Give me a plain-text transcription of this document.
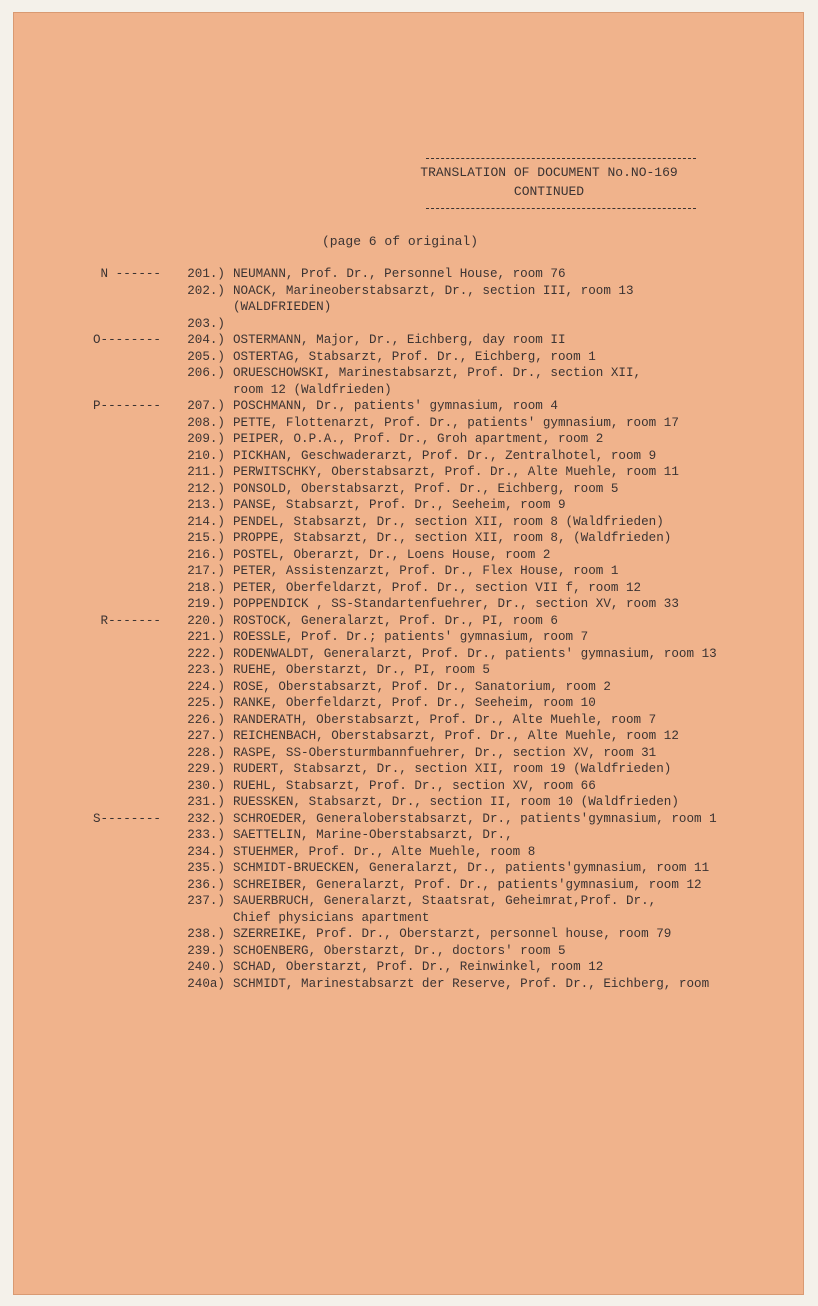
TRANSLATION OF DOCUMENT No.NO-169
CONTINUED
(page 6 of original)
N ------	201.) NEUMANN, Prof. Dr., Personnel House, room 76
202.) NOACK, Marineoberstabsarzt, Dr., section III, room 13
(WALDFRIEDEN)
203.)
O--------	204.) OSTERMANN, Major, Dr., Eichberg, day room II
205.) OSTERTAG, Stabsarzt, Prof. Dr., Eichberg, room 1
206.) ORUESCHOWSKI, Marinestabsarzt, Prof. Dr., section XII,
room 12 (Waldfrieden)
P--------	207.) POSCHMANN, Dr., patients' gymnasium, room 4
208.) PETTE, Flottenarzt, Prof. Dr., patients' gymnasium, room 17
209.) PEIPER, O.P.A., Prof. Dr., Groh apartment, room 2
210.) PICKHAN, Geschwaderarzt, Prof. Dr., Zentralhotel, room 9
211.) PERWITSCHKY, Oberstabsarzt, Prof. Dr., Alte Muehle, room 11
212.) PONSOLD, Oberstabsarzt, Prof. Dr., Eichberg, room 5
213.) PANSE, Stabsarzt, Prof. Dr., Seeheim, room 9
214.) PENDEL, Stabsarzt, Dr., section XII, room 8 (Waldfrieden)
215.) PROPPE, Stabsarzt, Dr., section XII, room 8, (Waldfrieden)
216.) POSTEL, Oberarzt, Dr., Loens House, room 2
217.) PETER, Assistenzarzt, Prof. Dr., Flex House, room 1
218.) PETER, Oberfeldarzt, Prof. Dr., section VII f, room 12
219.) POPPENDICK , SS-Standartenfuehrer, Dr., section XV, room 33
R-------	220.) ROSTOCK, Generalarzt, Prof. Dr., PI, room 6
221.) ROESSLE, Prof. Dr.; patients' gymnasium, room 7
222.) RODENWALDT, Generalarzt, Prof. Dr., patients' gymnasium, room 13
223.) RUEHE, Oberstarzt, Dr., PI, room 5
224.) ROSE, Oberstabsarzt, Prof. Dr., Sanatorium, room 2
225.) RANKE, Oberfeldarzt, Prof. Dr., Seeheim, room 10
226.) RANDERATH, Oberstabsarzt, Prof. Dr., Alte Muehle, room 7
227.) REICHENBACH, Oberstabsarzt, Prof. Dr., Alte Muehle, room 12
228.) RASPE, SS-Obersturmbannfuehrer, Dr., section XV, room 31
229.) RUDERT, Stabsarzt, Dr., section XII, room 19 (Waldfrieden)
230.) RUEHL, Stabsarzt, Prof. Dr., section XV, room 66
231.) RUESSKEN, Stabsarzt, Dr., section II, room 10 (Waldfrieden)
S--------	232.) SCHROEDER, Generaloberstabsarzt, Dr., patients'gymnasium, room 1
233.) SAETTELIN, Marine-Oberstabsarzt, Dr.,
234.) STUEHMER, Prof. Dr., Alte Muehle, room 8
235.) SCHMIDT-BRUECKEN, Generalarzt, Dr., patients'gymnasium, room 11
236.) SCHREIBER, Generalarzt, Prof. Dr., patients'gymnasium, room 12
237.) SAUERBRUCH, Generalarzt, Staatsrat, Geheimrat,Prof. Dr.,
Chief physicians apartment
238.) SZERREIKE, Prof. Dr., Oberstarzt, personnel house, room 79
239.) SCHOENBERG, Oberstarzt, Dr., doctors' room 5
240.) SCHAD, Oberstarzt, Prof. Dr., Reinwinkel, room 12
240a) SCHMIDT, Marinestabsarzt der Reserve, Prof. Dr., Eichberg, room
